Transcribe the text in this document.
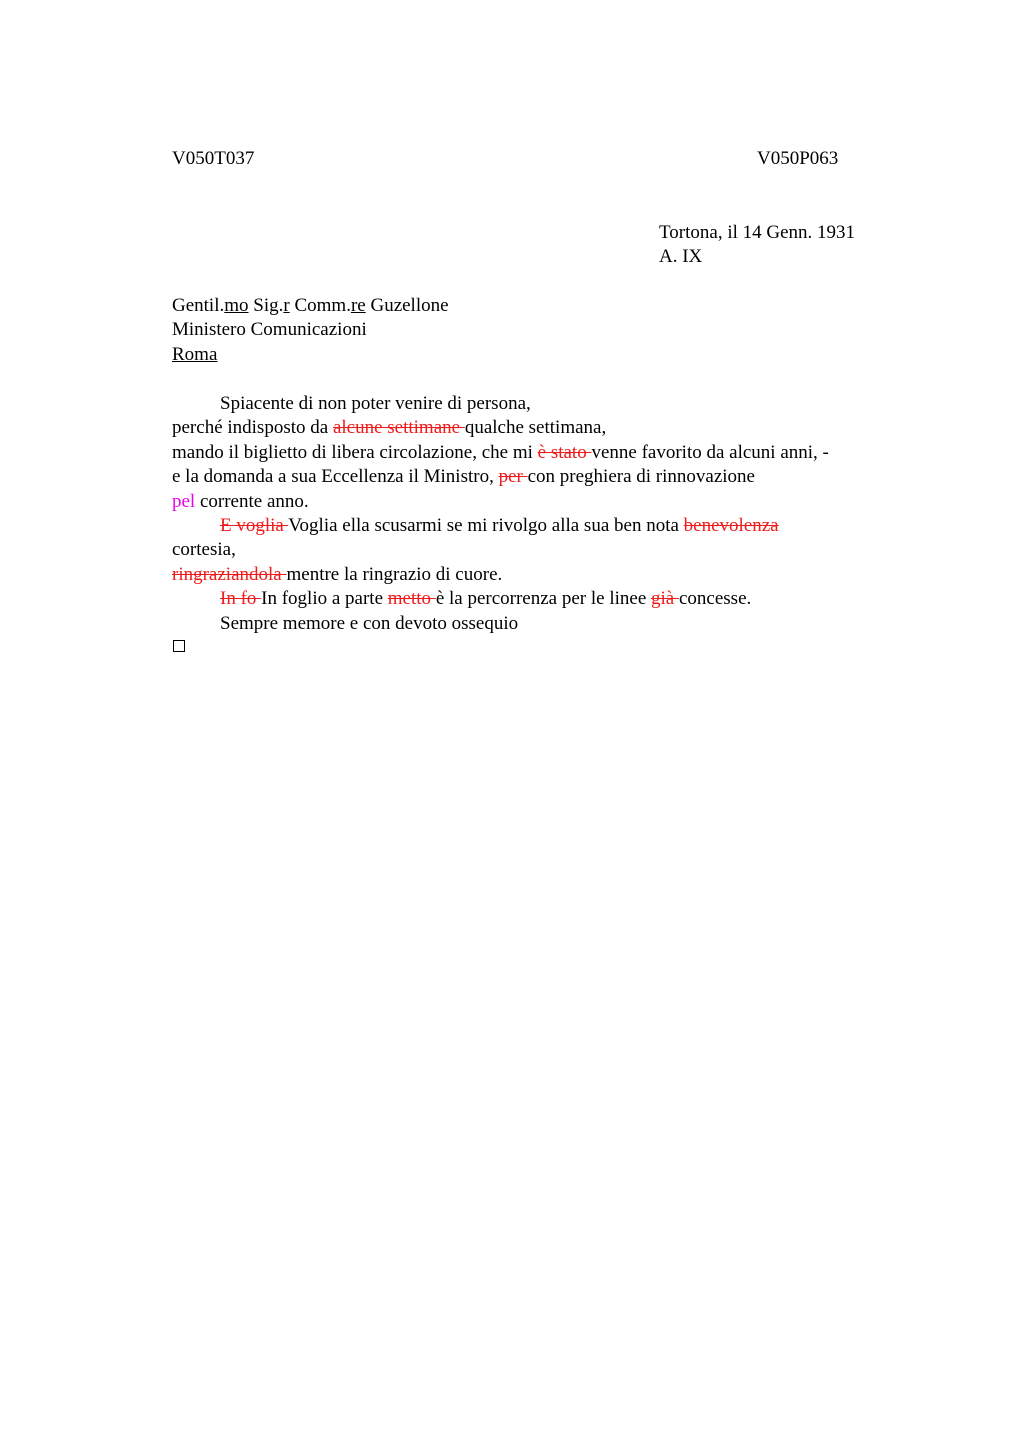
V050T037	V050P063
Tortona, il 14 Genn. 1931
A. IX
Gentil.mo Sig.r Comm.re Guzellone
Ministero Comunicazioni
Roma
Spiacente di non poter venire di persona,
perché indisposto da alcune settimane qualche settimana,
mando il biglietto di libera circolazione, che mi è stato venne favorito da alcuni anni, -
e la domanda a sua Eccellenza il Ministro, per con preghiera di rinnovazione
pel corrente anno.
E voglia Voglia ella scusarmi se mi rivolgo alla sua ben nota benevolenza
cortesia,
ringraziandola mentre la ringrazio di cuore.
In fo In foglio a parte metto è la percorrenza per le linee già concesse.
Sempre memore e con devoto ossequio
